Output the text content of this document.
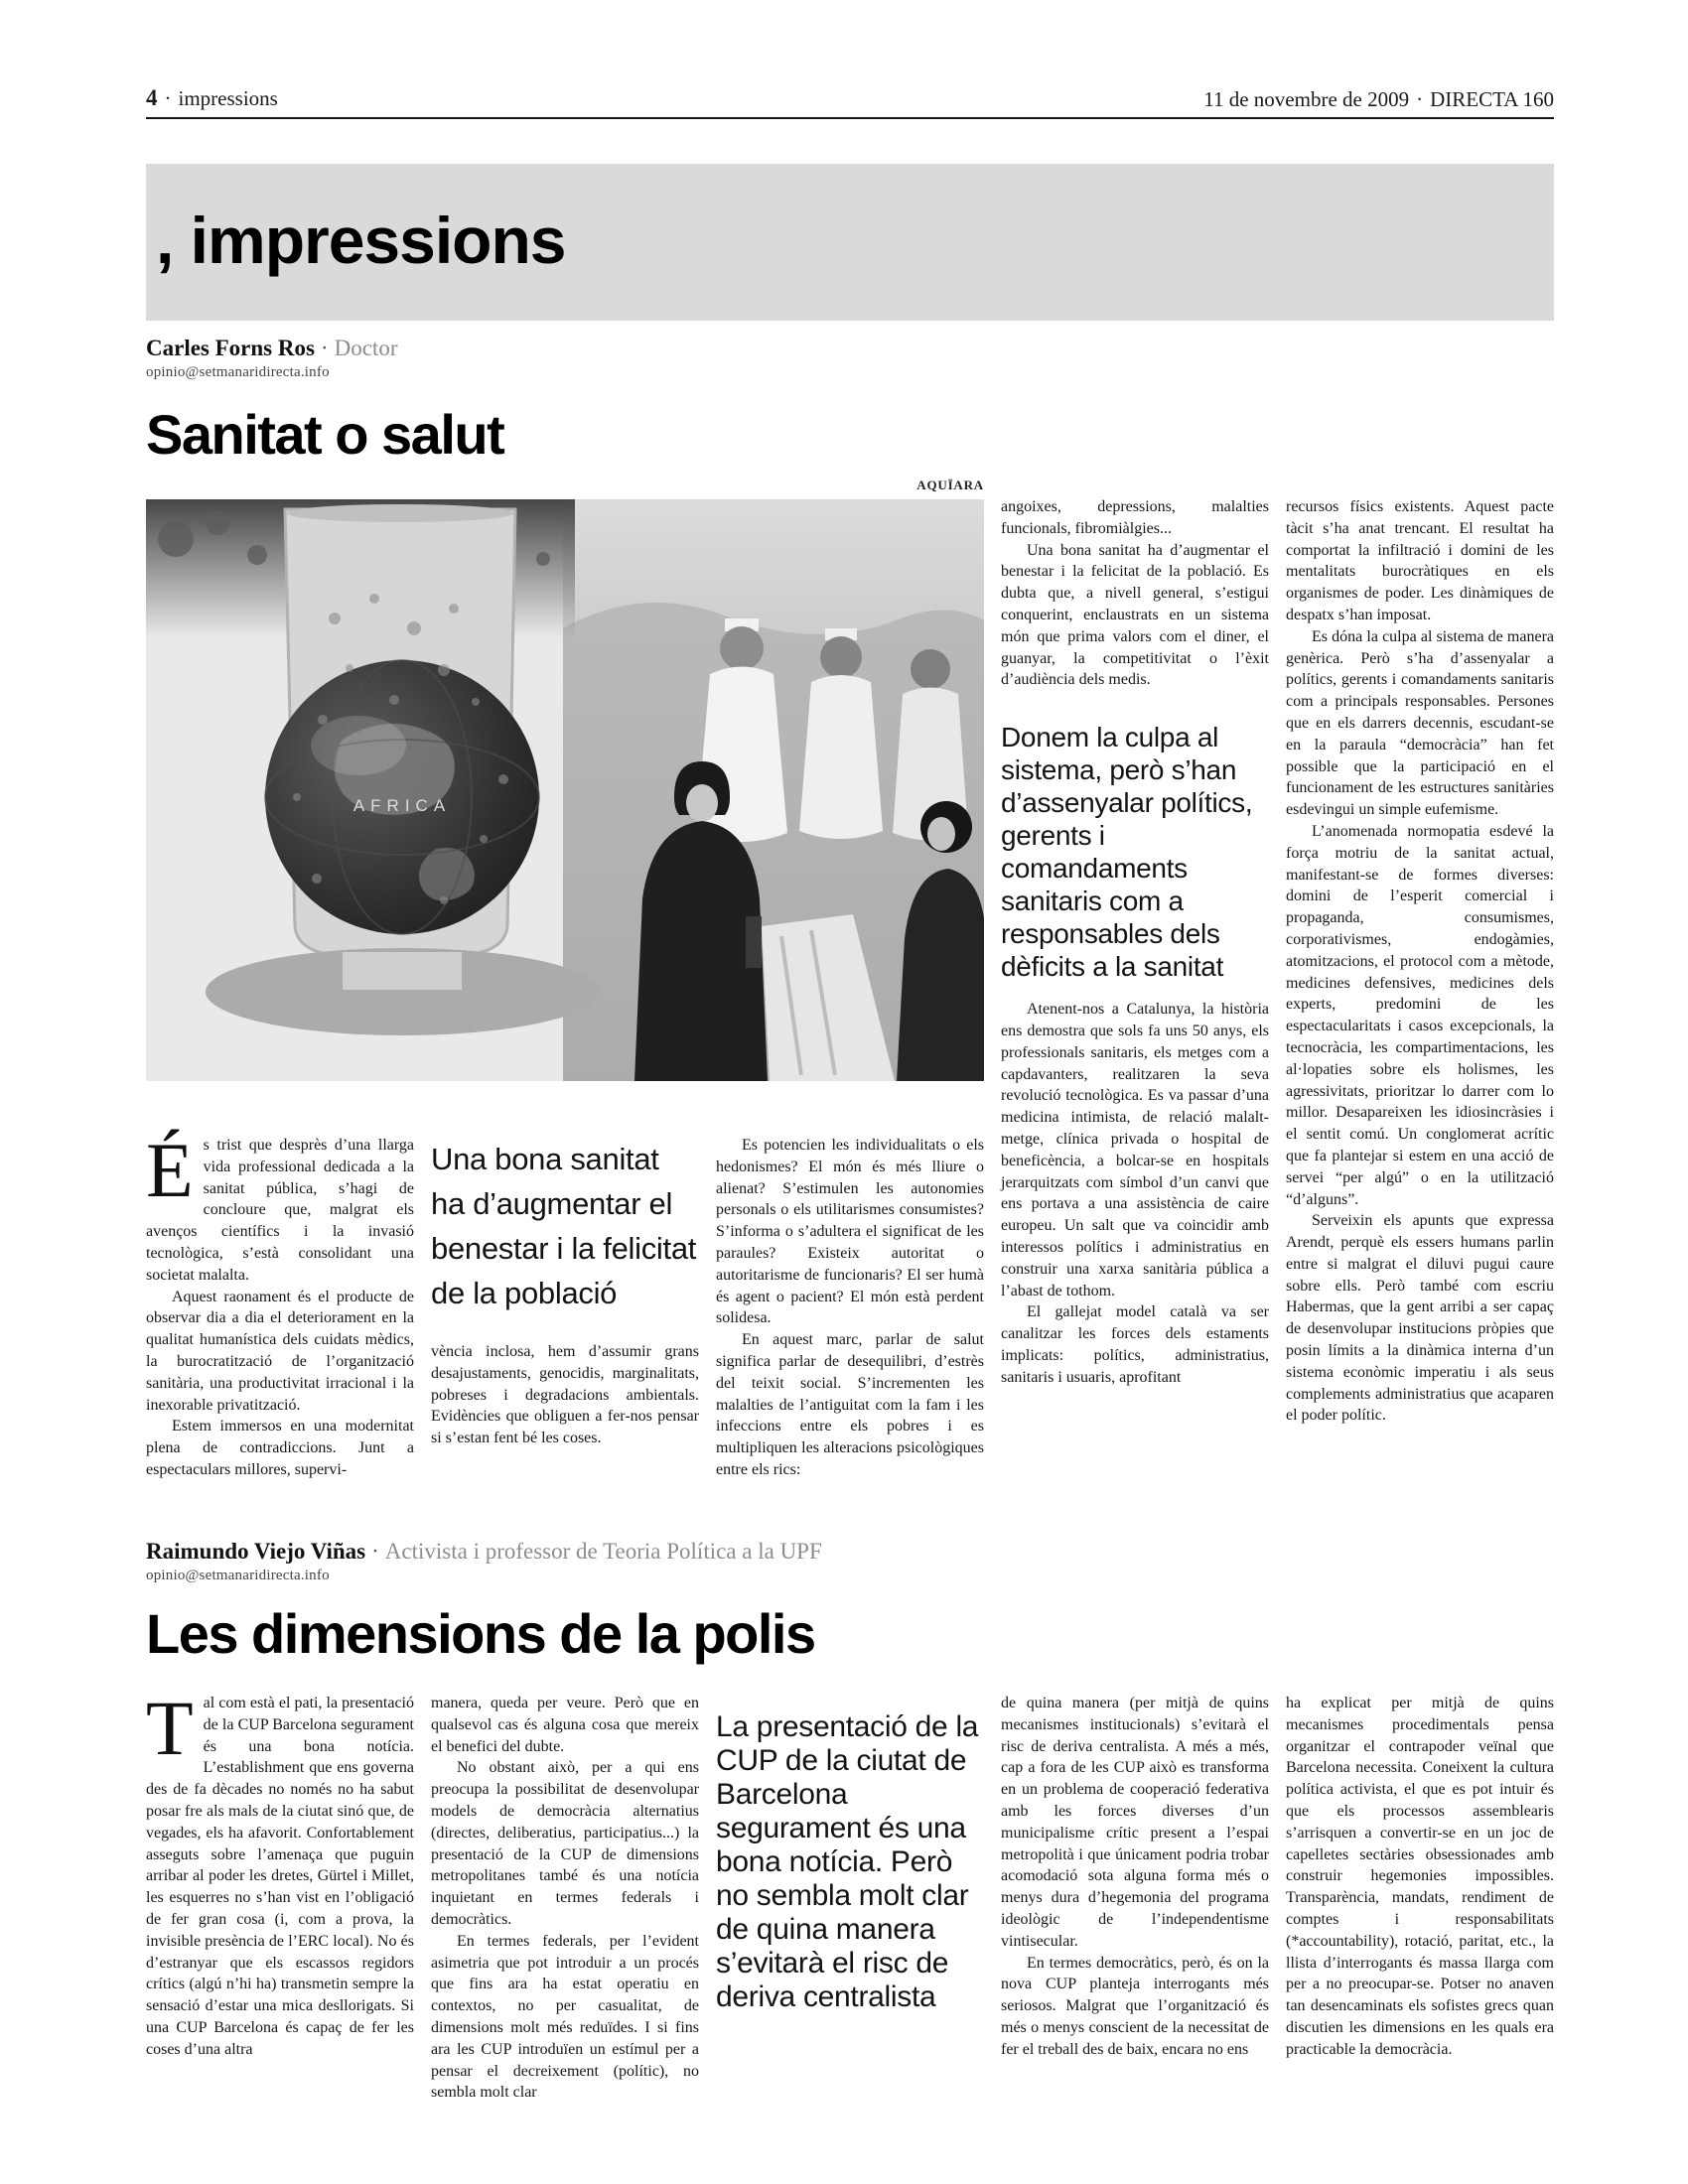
4 · impressions	11 de novembre de 2009 · DIRECTA 160
, impressions
Carles Forns Ros · Doctor
opinio@setmanaridirecta.info
Sanitat o salut
AQUÏARA
AFRICA

És trist que desprès d’una llarga vida professional dedicada a la sanitat pública, s’hagi de concloure que, malgrat els avenços científics i la invasió tecnològica, s’està consolidant una societat malalta.

Aquest raonament és el producte de observar dia a dia el deteriorament en la qualitat humanística dels cuidats mèdics, la burocratització de l’organització sanitària, una productivitat irracional i la inexorable privatització.

Estem immersos en una modernitat plena de contradiccions. Junt a espectaculars millores, supervi-

Una bona sanitat ha d’augmentar el benestar i la felicitat de la població

vència inclosa, hem d’assumir grans desajustaments, genocidis, marginalitats, pobreses i degradacions ambientals. Evidències que obliguen a fer-nos pensar si s’estan fent bé les coses.

Es potencien les individualitats o els hedonismes? El món és més lliure o alienat? S’estimulen les autonomies personals o els utilitarismes consumistes? S’informa o s’adultera el significat de les paraules? Existeix autoritat o autoritarisme de funcionaris? El ser humà és agent o pacient? El món està perdent solidesa.

En aquest marc, parlar de salut significa parlar de desequilibri, d’estrès del teixit social. S’incrementen les malalties de l’antiguitat com la fam i les infeccions entre els pobres i es multipliquen les alteracions psicològiques entre els rics:

angoixes, depressions, malalties funcionals, fibromiàlgies...

Una bona sanitat ha d’augmentar el benestar i la felicitat de la població. Es dubta que, a nivell general, s’estigui conquerint, enclaustrats en un sistema món que prima valors com el diner, el guanyar, la competitivitat o l’èxit d’audiència dels medis.

Donem la culpa al sistema, però s’han d’assenyalar polítics, gerents i comandaments sanitaris com a responsables dels dèficits a la sanitat

Atenent-nos a Catalunya, la història ens demostra que sols fa uns 50 anys, els professionals sanitaris, els metges com a capdavanters, realitzaren la seva revolució tecnològica. Es va passar d’una medicina intimista, de relació malalt-metge, clínica privada o hospital de beneficència, a bolcar-se en hospitals jerarquitzats com símbol d’un canvi que ens portava a una assistència de caire europeu. Un salt que va coincidir amb interessos polítics i administratius en construir una xarxa sanitària pública a l’abast de tothom.

El gallejat model català va ser canalitzar les forces dels estaments implicats: polítics, administratius, sanitaris i usuaris, aprofitant

recursos físics existents. Aquest pacte tàcit s’ha anat trencant. El resultat ha comportat la infiltració i domini de les mentalitats burocràtiques en els organismes de poder. Les dinàmiques de despatx s’han imposat.

Es dóna la culpa al sistema de manera genèrica. Però s’ha d’assenyalar a polítics, gerents i comandaments sanitaris com a principals responsables. Persones que en els darrers decennis, escudant-se en la paraula “democràcia” han fet possible que la participació en el funcionament de les estructures sanitàries esdevingui un simple eufemisme.

L’anomenada normopatia esdevé la força motriu de la sanitat actual, manifestant-se de formes diverses: domini de l’esperit comercial i propaganda, consumismes, corporativismes, endogàmies, atomitzacions, el protocol com a mètode, medicines defensives, medicines dels experts, predomini de les espectacularitats i casos excepcionals, la tecnocràcia, les compartimentacions, les al·lopaties sobre els holismes, les agressivitats, prioritzar lo darrer com lo millor. Desapareixen les idiosincràsies i el sentit comú. Un conglomerat acrític que fa plantejar si estem en una acció de servei “per algú” o en la utilització “d’alguns”.

Serveixin els apunts que expressa Arendt, perquè els essers humans parlin entre si malgrat el diluvi pugui caure sobre ells. Però també com escriu Habermas, que la gent arribi a ser capaç de desenvolupar institucions pròpies que posin límits a la dinàmica interna d’un sistema econòmic imperatiu i als seus complements administratius que acaparen el poder polític.

Raimundo Viejo Viñas · Activista i professor de Teoria Política a la UPF
opinio@setmanaridirecta.info
Les dimensions de la polis

Tal com està el pati, la presentació de la CUP Barcelona segurament és una bona notícia. L’establishment que ens governa des de fa dècades no només no ha sabut posar fre als mals de la ciutat sinó que, de vegades, els ha afavorit. Confortablement asseguts sobre l’amenaça que puguin arribar al poder les dretes, Gürtel i Millet, les esquerres no s’han vist en l’obligació de fer gran cosa (i, com a prova, la invisible presència de l’ERC local). No és d’estranyar que els escassos regidors crítics (algú n’hi ha) transmetin sempre la sensació d’estar una mica desllorigats. Si una CUP Barcelona és capaç de fer les coses d’una altra

manera, queda per veure. Però que en qualsevol cas és alguna cosa que mereix el benefici del dubte.

No obstant això, per a qui ens preocupa la possibilitat de desenvolupar models de democràcia alternatius (directes, deliberatius, participatius...) la presentació de la CUP de dimensions metropolitanes també és una notícia inquietant en termes federals i democràtics.

En termes federals, per l’evident asimetria que pot introduir a un procés que fins ara ha estat operatiu en contextos, no per casualitat, de dimensions molt més reduïdes. I si fins ara les CUP introduïen un estímul per a pensar el decreixement (polític), no sembla molt clar

La presentació de la CUP de la ciutat de Barcelona segurament és una bona notícia. Però no sembla molt clar de quina manera s’evitarà el risc de deriva centralista

de quina manera (per mitjà de quins mecanismes institucionals) s’evitarà el risc de deriva centralista. A més a més, cap a fora de les CUP això es transforma en un problema de cooperació federativa amb les forces diverses d’un municipalisme crític present a l’espai metropolità i que únicament podria trobar acomodació sota alguna forma més o menys dura d’hegemonia del programa ideològic de l’independentisme vintisecular.

En termes democràtics, però, és on la nova CUP planteja interrogants més seriosos. Malgrat que l’organització és més o menys conscient de la necessitat de fer el treball des de baix, encara no ens

ha explicat per mitjà de quins mecanismes procedimentals pensa organitzar el contrapoder veïnal que Barcelona necessita. Coneixent la cultura política activista, el que es pot intuir és que els processos assemblearis s’arrisquen a convertir-se en un joc de capelletes sectàries obsessionades amb construir hegemonies impossibles. Transparència, mandats, rendiment de comptes i responsabilitats (*accountability), rotació, paritat, etc., la llista d’interrogants és massa llarga com per a no preocupar-se. Potser no anaven tan desencaminats els sofistes grecs quan discutien les dimensions en les quals era practicable la democràcia.
